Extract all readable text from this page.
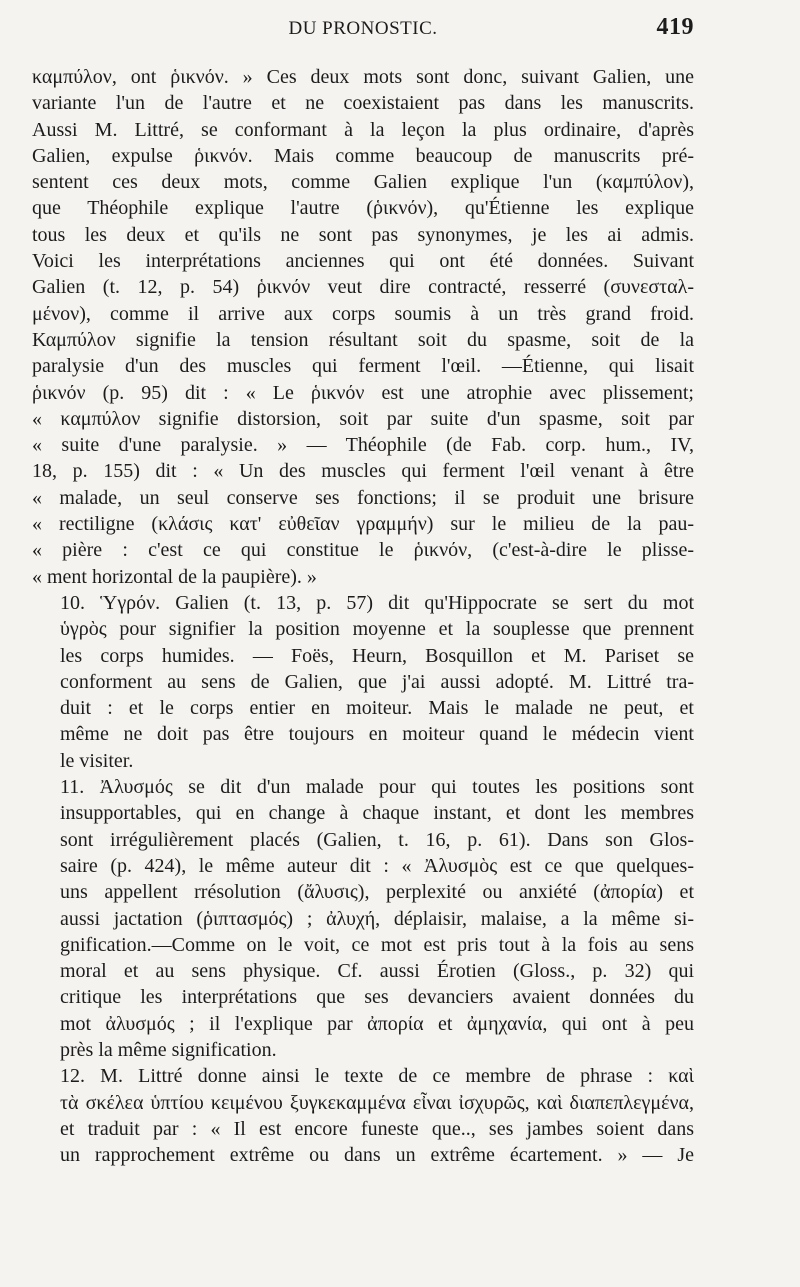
DU PRONOSTIC.	419

καμπύλον, ont ῥικνόν. » Ces deux mots sont donc, suivant Galien, une
variante l'un de l'autre et ne coexistaient pas dans les manuscrits.
Aussi M. Littré, se conformant à la leçon la plus ordinaire, d'après
Galien, expulse ῥικνόν. Mais comme beaucoup de manuscrits pré-
sentent ces deux mots, comme Galien explique l'un (καμπύλον),
que Théophile explique l'autre (ῥικνόν), qu'Étienne les explique
tous les deux et qu'ils ne sont pas synonymes, je les ai admis.
Voici les interprétations anciennes qui ont été données. Suivant
Galien (t. 12, p. 54) ῥικνόν veut dire contracté, resserré (συνεσταλ-
μένον), comme il arrive aux corps soumis à un très grand froid.
Καμπύλον signifie la tension résultant soit du spasme, soit de la
paralysie d'un des muscles qui ferment l'œil. —Étienne, qui lisait
ῥικνόν (p. 95) dit : « Le ῥικνόν est une atrophie avec plissement;
« καμπύλον signifie distorsion, soit par suite d'un spasme, soit par
« suite d'une paralysie. » — Théophile (de Fab. corp. hum., IV,
18, p. 155) dit : « Un des muscles qui ferment l'œil venant à être
« malade, un seul conserve ses fonctions; il se produit une brisure
« rectiligne (κλάσις κατ' εὐθεῖαν γραμμήν) sur le milieu de la pau-
« pière : c'est ce qui constitue le ῥικνόν, (c'est-à-dire le plisse-
« ment horizontal de la paupière). »

10. Ὑγρόν. Galien (t. 13, p. 57) dit qu'Hippocrate se sert du mot
ὑγρὸς pour signifier la position moyenne et la souplesse que prennent
les corps humides. — Foës, Heurn, Bosquillon et M. Pariset se
conforment au sens de Galien, que j'ai aussi adopté. M. Littré tra-
duit : et le corps entier en moiteur. Mais le malade ne peut, et
même ne doit pas être toujours en moiteur quand le médecin vient
le visiter.

11. Ἀλυσμός se dit d'un malade pour qui toutes les positions sont
insupportables, qui en change à chaque instant, et dont les membres
sont irrégulièrement placés (Galien, t. 16, p. 61). Dans son Glos-
saire (p. 424), le même auteur dit : « Ἀλυσμὸς est ce que quelques-
uns appellent rrésolution (ἄλυσις), perplexité ou anxiété (ἀπορία) et
aussi jactation (ῥιπτασμός) ; ἀλυχή, déplaisir, malaise, a la même si-
gnification.—Comme on le voit, ce mot est pris tout à la fois au sens
moral et au sens physique. Cf. aussi Érotien (Gloss., p. 32) qui
critique les interprétations que ses devanciers avaient données du
mot ἀλυσμός ; il l'explique par ἀπορία et ἀμηχανία, qui ont à peu
près la même signification.

12. M. Littré donne ainsi le texte de ce membre de phrase : καὶ
τὰ σκέλεα ὑπτίου κειμένου ξυγκεκαμμένα εἶναι ἰσχυρῶς, καὶ διαπεπλεγμένα,
et traduit par : « Il est encore funeste que.., ses jambes soient dans
un rapprochement extrême ou dans un extrême écartement. » — Je
